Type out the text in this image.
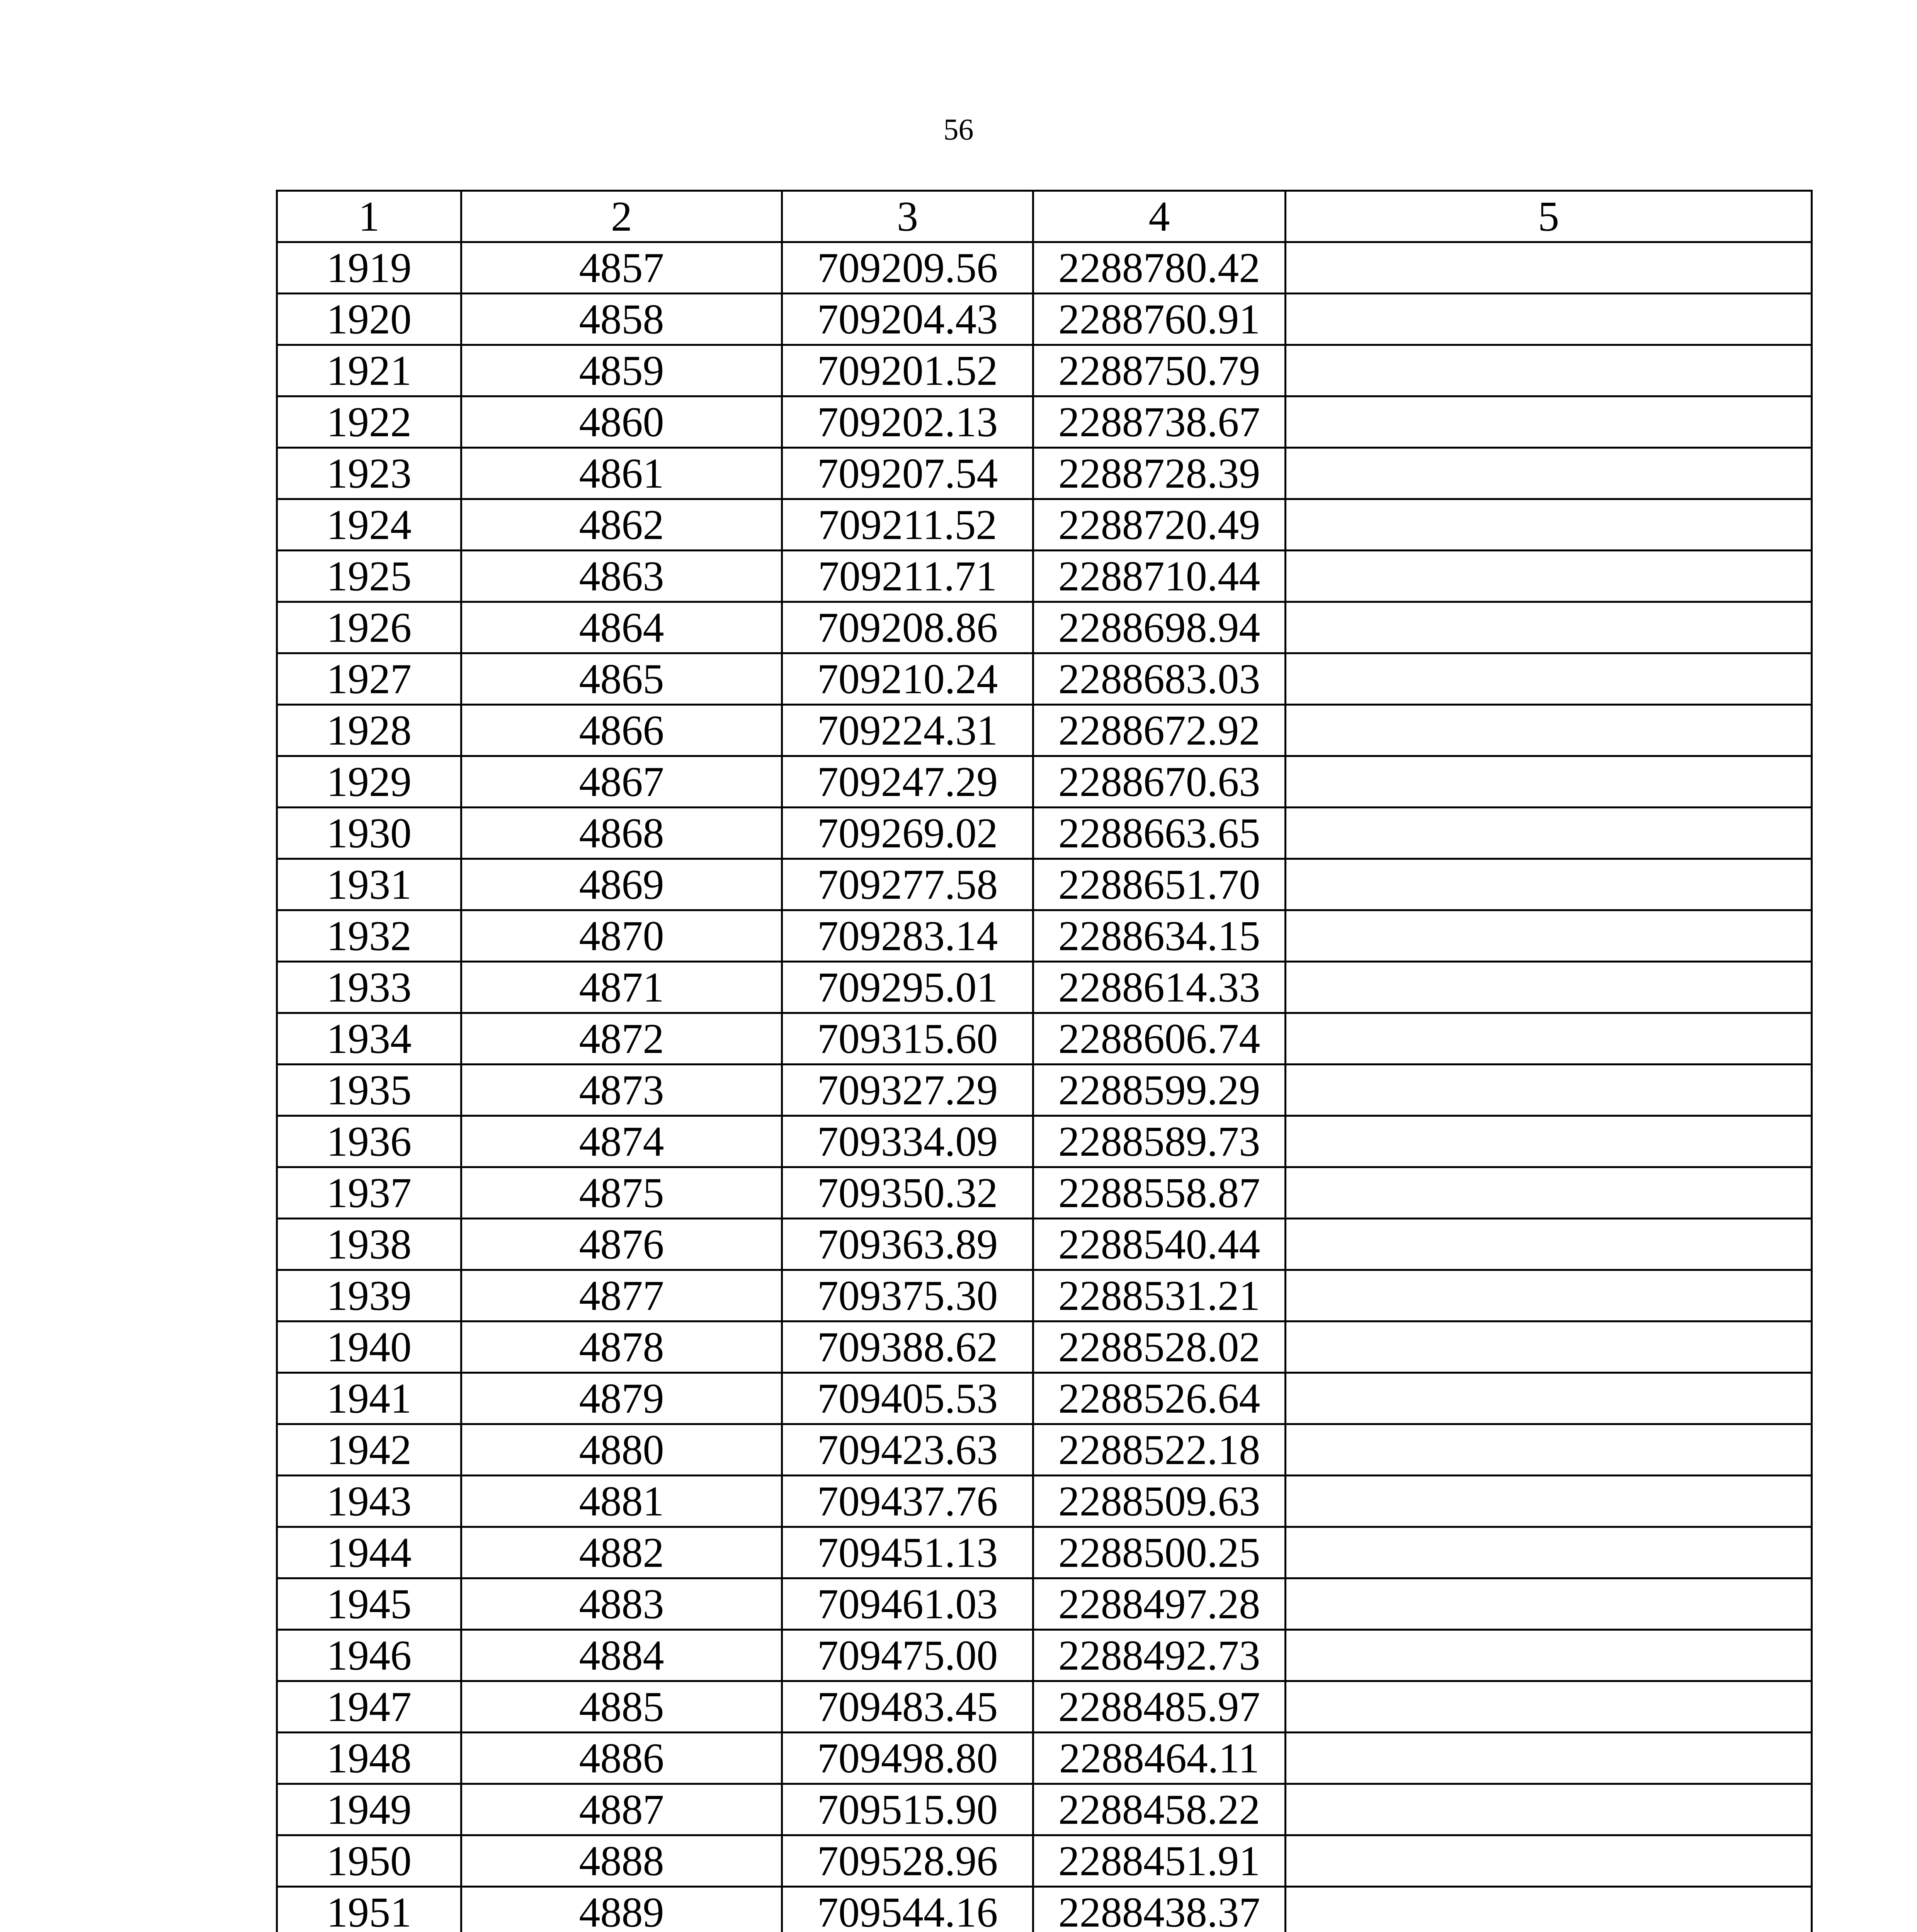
56
1	2	3	4	5
1919	4857	709209.56	2288780.42	
1920	4858	709204.43	2288760.91	
1921	4859	709201.52	2288750.79	
1922	4860	709202.13	2288738.67	
1923	4861	709207.54	2288728.39	
1924	4862	709211.52	2288720.49	
1925	4863	709211.71	2288710.44	
1926	4864	709208.86	2288698.94	
1927	4865	709210.24	2288683.03	
1928	4866	709224.31	2288672.92	
1929	4867	709247.29	2288670.63	
1930	4868	709269.02	2288663.65	
1931	4869	709277.58	2288651.70	
1932	4870	709283.14	2288634.15	
1933	4871	709295.01	2288614.33	
1934	4872	709315.60	2288606.74	
1935	4873	709327.29	2288599.29	
1936	4874	709334.09	2288589.73	
1937	4875	709350.32	2288558.87	
1938	4876	709363.89	2288540.44	
1939	4877	709375.30	2288531.21	
1940	4878	709388.62	2288528.02	
1941	4879	709405.53	2288526.64	
1942	4880	709423.63	2288522.18	
1943	4881	709437.76	2288509.63	
1944	4882	709451.13	2288500.25	
1945	4883	709461.03	2288497.28	
1946	4884	709475.00	2288492.73	
1947	4885	709483.45	2288485.97	
1948	4886	709498.80	2288464.11	
1949	4887	709515.90	2288458.22	
1950	4888	709528.96	2288451.91	
1951	4889	709544.16	2288438.37	
